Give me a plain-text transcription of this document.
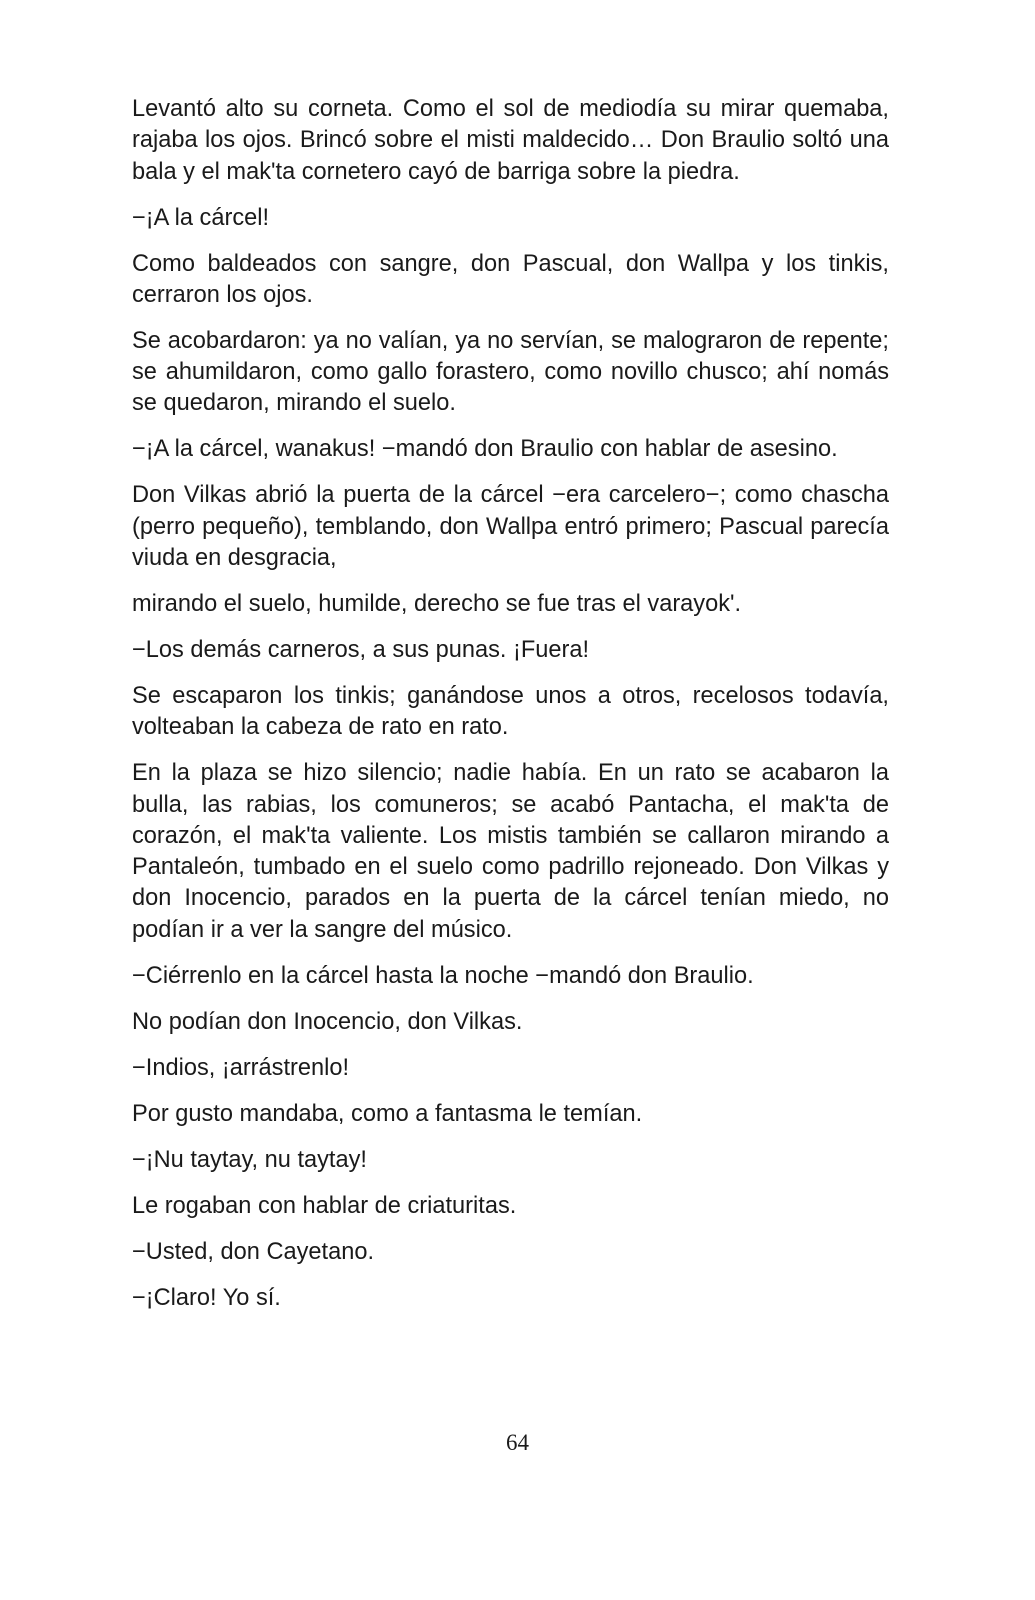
Levantó alto su corneta. Como el sol de mediodía su mirar quemaba, rajaba los ojos. Brincó sobre el misti maldecido… Don Braulio soltó una bala y el mak'ta cornetero cayó de barriga sobre la piedra.

−¡A la cárcel!

Como baldeados con sangre, don Pascual, don Wallpa y los tinkis, cerraron los ojos.

Se acobardaron: ya no valían, ya no servían, se malograron de repente; se ahumildaron, como gallo forastero, como novillo chusco; ahí nomás se quedaron, mirando el suelo.

−¡A la cárcel, wanakus! −mandó don Braulio con hablar de asesino.

Don Vilkas abrió la puerta de la cárcel −era carcelero−; como chascha (perro pequeño), temblando, don Wallpa entró primero; Pascual parecía viuda en desgracia,

mirando el suelo, humilde, derecho se fue tras el varayok'.

−Los demás carneros, a sus punas. ¡Fuera!

Se escaparon los tinkis; ganándose unos a otros, recelosos todavía, volteaban la cabeza de rato en rato.

En la plaza se hizo silencio; nadie había. En un rato se acabaron la bulla, las rabias, los comuneros; se acabó Pantacha, el mak'ta de corazón, el mak'ta valiente. Los mistis también se callaron mirando a Pantaleón, tumbado en el suelo como padrillo rejoneado. Don Vilkas y don Inocencio, parados en la puerta de la cárcel tenían miedo, no podían ir a ver la sangre del músico.

−Ciérrenlo en la cárcel hasta la noche −mandó don Braulio.

No podían don Inocencio, don Vilkas.

−Indios, ¡arrástrenlo!

Por gusto mandaba, como a fantasma le temían.

−¡Nu taytay, nu taytay!

Le rogaban con hablar de criaturitas.

−Usted, don Cayetano.

−¡Claro! Yo sí.

64
